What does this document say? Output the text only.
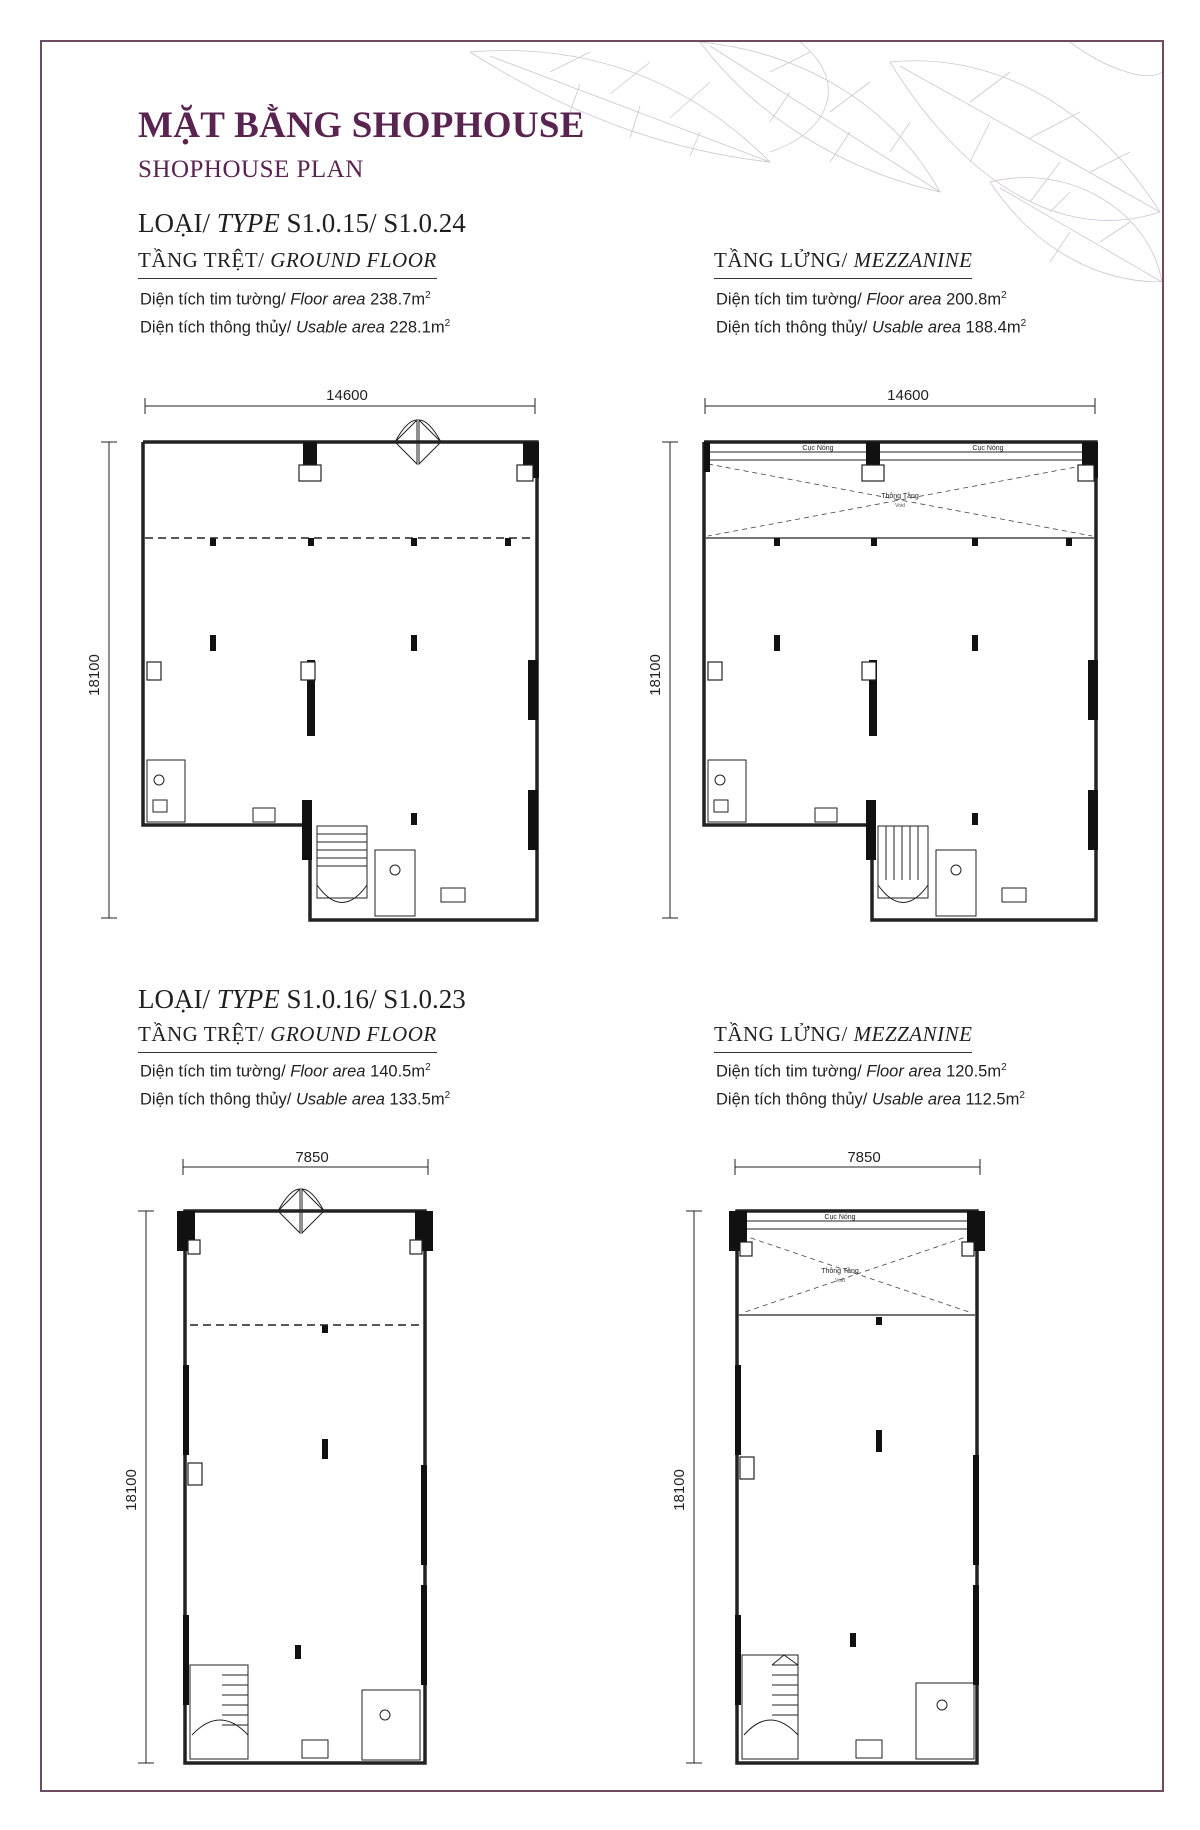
MẶT BẰNG SHOPHOUSE
SHOPHOUSE PLAN
LOẠI/ TYPE S1.0.15/ S1.0.24
TẦNG TRỆT/ GROUND FLOOR
Diện tích tim tường/ Floor area $238.7m^2$
Diện tích thông thủy/ Usable area $228.1m^2$
TẦNG LỬNG/ MEZZANINE
Diện tích tim tường/ Floor area $200.8m^2$
Diện tích thông thủy/ Usable area $188.4m^2$
14600
18100
14600
18100
Cục Nóng	Cục Nóng
Thông Tầng
Void
LOẠI/ TYPE S1.0.16/ S1.0.23
TẦNG TRỆT/ GROUND FLOOR
Diện tích tim tường/ Floor area $140.5m^2$
Diện tích thông thủy/ Usable area $133.5m^2$
TẦNG LỬNG/ MEZZANINE
Diện tích tim tường/ Floor area $120.5m^2$
Diện tích thông thủy/ Usable area $112.5m^2$
7850
18100
7850
18100
Cục Nóng
Thông Tầng
Void
